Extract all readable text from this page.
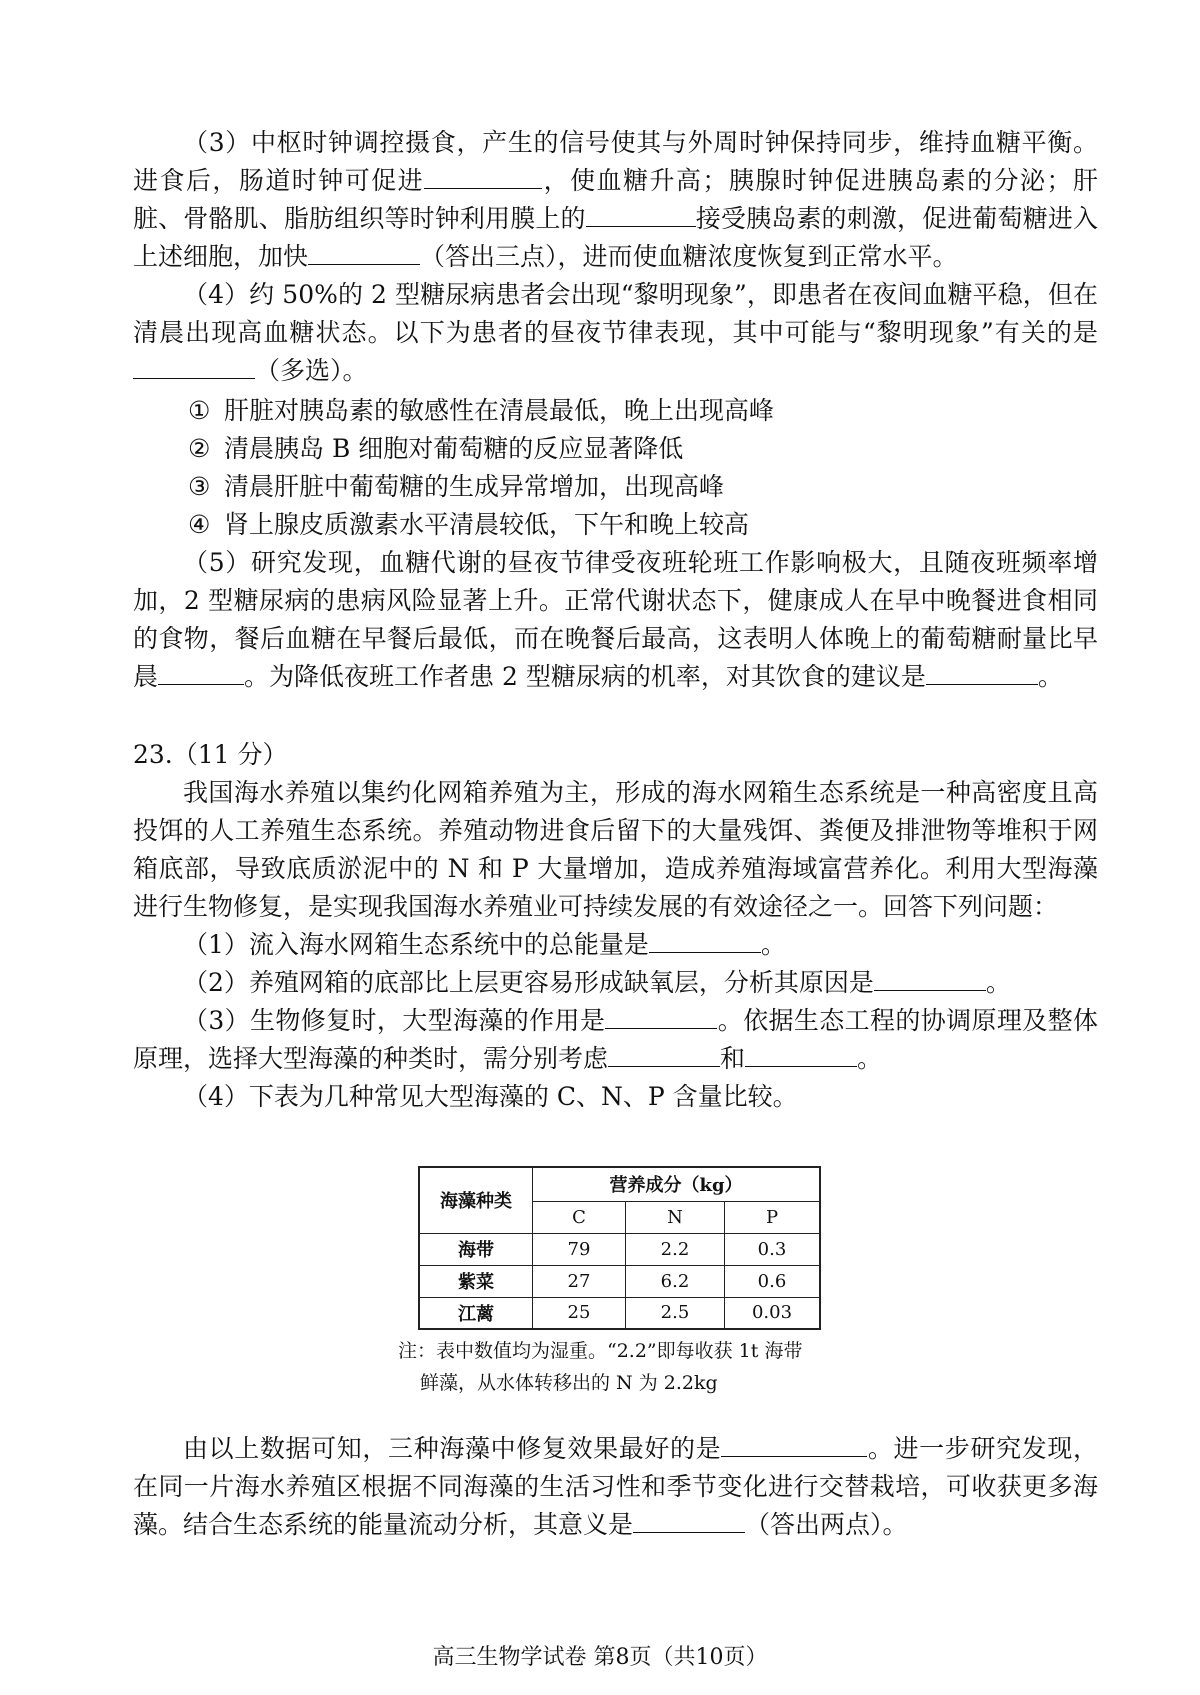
（3）中枢时钟调控摄食，产生的信号使其与外周时钟保持同步，维持血糖平衡。进食后，肠道时钟可促进	，使血糖升高；胰腺时钟促进胰岛素的分泌；肝脏、骨骼肌、脂肪组织等时钟利用膜上的	接受胰岛素的刺激，促进葡萄糖进入上述细胞，加快	（答出三点），进而使血糖浓度恢复到正常水平。

（4）约 50%的 2 型糖尿病患者会出现“黎明现象”，即患者在夜间血糖平稳，但在清晨出现高血糖状态。以下为患者的昼夜节律表现，其中可能与“黎明现象”有关的是（多选）。

① 肝脏对胰岛素的敏感性在清晨最低，晚上出现高峰
② 清晨胰岛 B 细胞对葡萄糖的反应显著降低
③ 清晨肝脏中葡萄糖的生成异常增加，出现高峰
④ 肾上腺皮质激素水平清晨较低，下午和晚上较高

（5）研究发现，血糖代谢的昼夜节律受夜班轮班工作影响极大，且随夜班频率增加，2 型糖尿病的患病风险显著上升。正常代谢状态下，健康成人在早中晚餐进食相同的食物，餐后血糖在早餐后最低，而在晚餐后最高，这表明人体晚上的葡萄糖耐量比早晨	。为降低夜班工作者患 2 型糖尿病的机率，对其饮食的建议是	。

23.（11 分）

我国海水养殖以集约化网箱养殖为主，形成的海水网箱生态系统是一种高密度且高投饵的人工养殖生态系统。养殖动物进食后留下的大量残饵、粪便及排泄物等堆积于网箱底部，导致底质淤泥中的 N 和 P 大量增加，造成养殖海域富营养化。利用大型海藻进行生物修复，是实现我国海水养殖业可持续发展的有效途径之一。回答下列问题：

（1）流入海水网箱生态系统中的总能量是	。

（2）养殖网箱的底部比上层更容易形成缺氧层，分析其原因是	。

（3）生物修复时，大型海藻的作用是	。依据生态工程的协调原理及整体原理，选择大型海藻的种类时，需分别考虑	和	。

（4）下表为几种常见大型海藻的 C、N、P 含量比较。

海藻种类	营养成分（kg）		
	C	N	P
海带	79	2.2	0.3
紫菜	27	6.2	0.6
江蓠	25	2.5	0.03
注：表中数值均为湿重。“2.2”即每收获 1t 海带
鲜藻，从水体转移出的 N 为 2.2kg

由以上数据可知，三种海藻中修复效果最好的是	。进一步研究发现，在同一片海水养殖区根据不同海藻的生活习性和季节变化进行交替栽培，可收获更多海藻。结合生态系统的能量流动分析，其意义是	（答出两点）。

高三生物学试卷 第8页（共10页）
